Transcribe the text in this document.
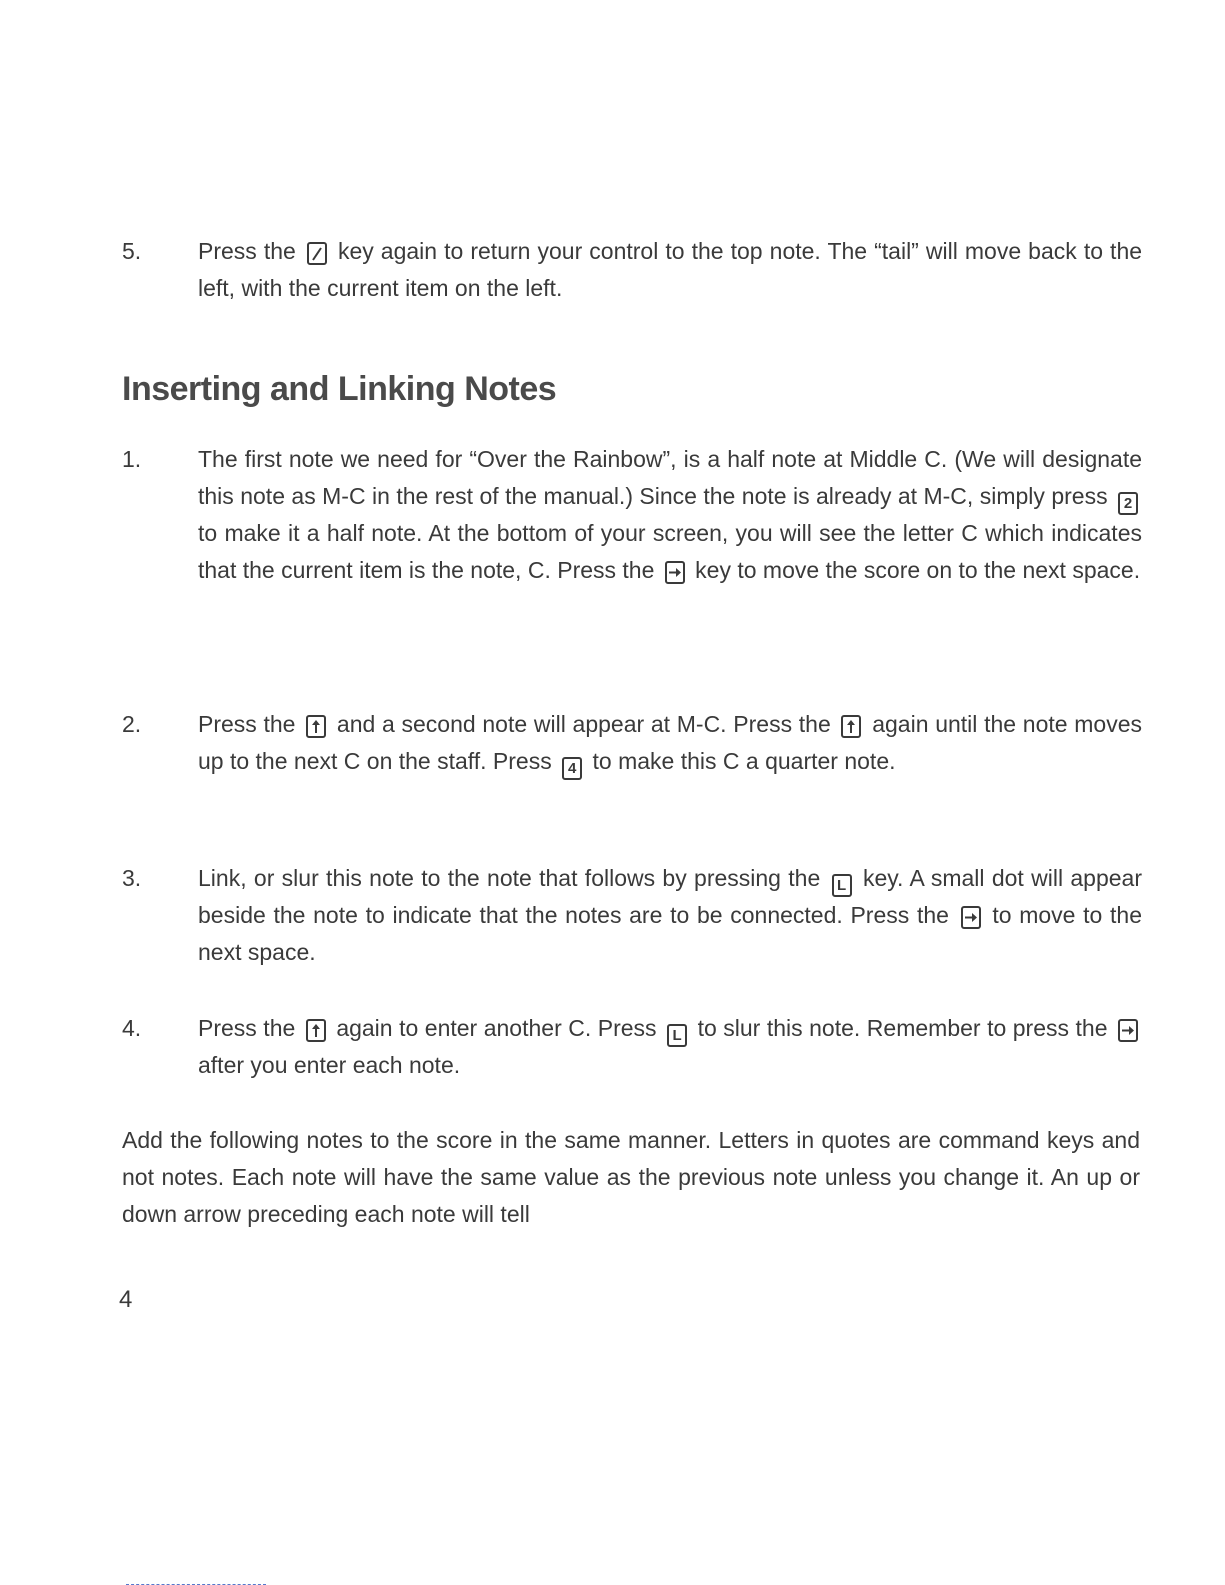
5. Press the key again to return your control to the top note. The “tail” will move back to the left, with the current item on the left.
Inserting and Linking Notes
1. The first note we need for “Over the Rainbow”, is a half note at Middle C. (We will designate this note as M-C in the rest of the manual.) Since the note is already at M-C, simply press 2 to make it a half note. At the bottom of your screen, you will see the letter C which indicates that the current item is the note, C. Press the key to move the score on to the next space.
2. Press the and a second note will appear at M-C. Press the again until the note moves up to the next C on the staff. Press 4 to make this C a quarter note.
3. Link, or slur this note to the note that follows by pressing the L key. A small dot will appear beside the note to indicate that the notes are to be connected. Press the to move to the next space.
4. Press the again to enter another C. Press L to slur this note. Remember to press the  after you enter each note.

Add the following notes to the score in the same manner. Letters in quotes are command keys and not notes. Each note will have the same value as the previous note unless you change it. An up or down arrow preceding each note will tell

4
